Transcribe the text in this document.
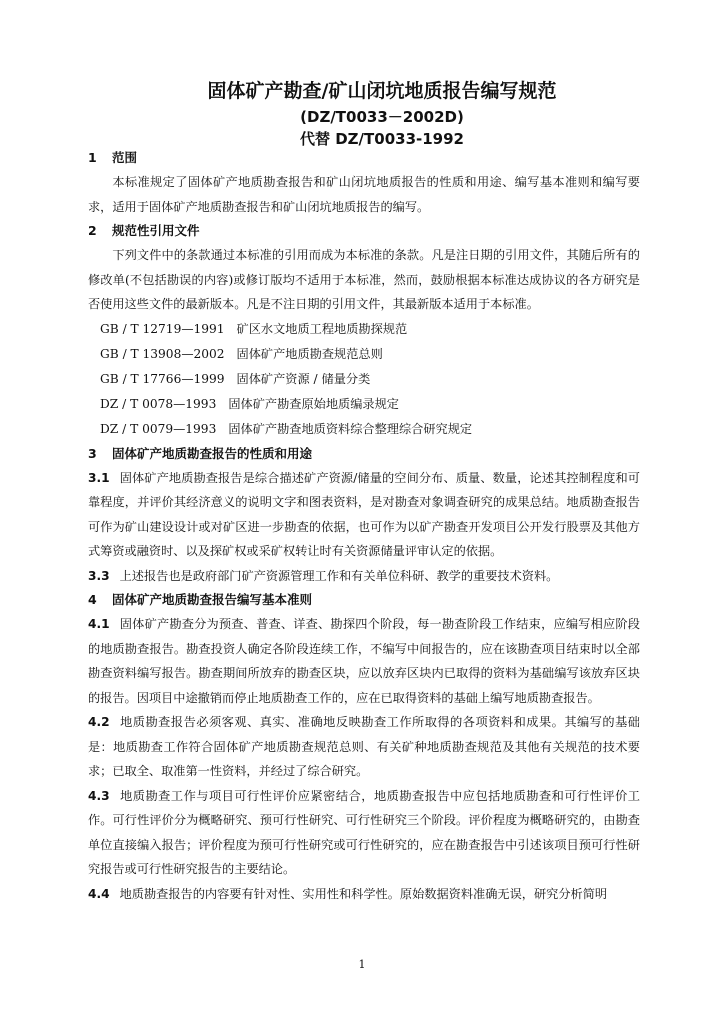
固体矿产勘查/矿山闭坑地质报告编写规范
(DZ/T0033－2002D)
代替 DZ/T0033-1992

1 范围

本标准规定了固体矿产地质勘查报告和矿山闭坑地质报告的性质和用途、编写基本准则和编写要求，适用于固体矿产地质勘查报告和矿山闭坑地质报告的编写。

2 规范性引用文件

下列文件中的条款通过本标准的引用而成为本标准的条款。凡是注日期的引用文件，其随后所有的修改单(不包括勘误的内容)或修订版均不适用于本标准，然而，鼓励根据本标准达成协议的各方研究是否使用这些文件的最新版本。凡是不注日期的引用文件，其最新版本适用于本标准。

GB / T 12719—1991 矿区水文地质工程地质勘探规范
GB / T 13908—2002 固体矿产地质勘查规范总则
GB / T 17766—1999 固体矿产资源 / 储量分类
DZ / T 0078—1993 固体矿产勘查原始地质编录规定
DZ / T 0079—1993 固体矿产勘查地质资料综合整理综合研究规定

3 固体矿产地质勘查报告的性质和用途

3.1 固体矿产地质勘查报告是综合描述矿产资源/储量的空间分布、质量、数量，论述其控制程度和可靠程度，并评价其经济意义的说明文字和图表资料，是对勘查对象调查研究的成果总结。地质勘查报告可作为矿山建设设计或对矿区进一步勘查的依据，也可作为以矿产勘查开发项目公开发行股票及其他方式筹资或融资时、以及探矿权或采矿权转让时有关资源储量评审认定的依据。

3.3 上述报告也是政府部门矿产资源管理工作和有关单位科研、教学的重要技术资料。

4 固体矿产地质勘查报告编写基本准则

4.1 固体矿产勘查分为预查、普查、详查、勘探四个阶段，每一勘查阶段工作结束，应编写相应阶段的地质勘查报告。勘查投资人确定各阶段连续工作，不编写中间报告的，应在该勘查项目结束时以全部勘查资料编写报告。勘查期间所放弃的勘查区块，应以放弃区块内已取得的资料为基础编写该放弃区块的报告。因项目中途撤销而停止地质勘查工作的，应在已取得资料的基础上编写地质勘查报告。

4.2 地质勘查报告必须客观、真实、准确地反映勘查工作所取得的各项资料和成果。其编写的基础是：地质勘查工作符合固体矿产地质勘查规范总则、有关矿种地质勘查规范及其他有关规范的技术要求；已取全、取准第一性资料，并经过了综合研究。

4.3 地质勘查工作与项目可行性评价应紧密结合，地质勘查报告中应包括地质勘查和可行性评价工作。可行性评价分为概略研究、预可行性研究、可行性研究三个阶段。评价程度为概略研究的，由勘查单位直接编入报告；评价程度为预可行性研究或可行性研究的，应在勘查报告中引述该项目预可行性研究报告或可行性研究报告的主要结论。

4.4 地质勘查报告的内容要有针对性、实用性和科学性。原始数据资料准确无误，研究分析简明

1
